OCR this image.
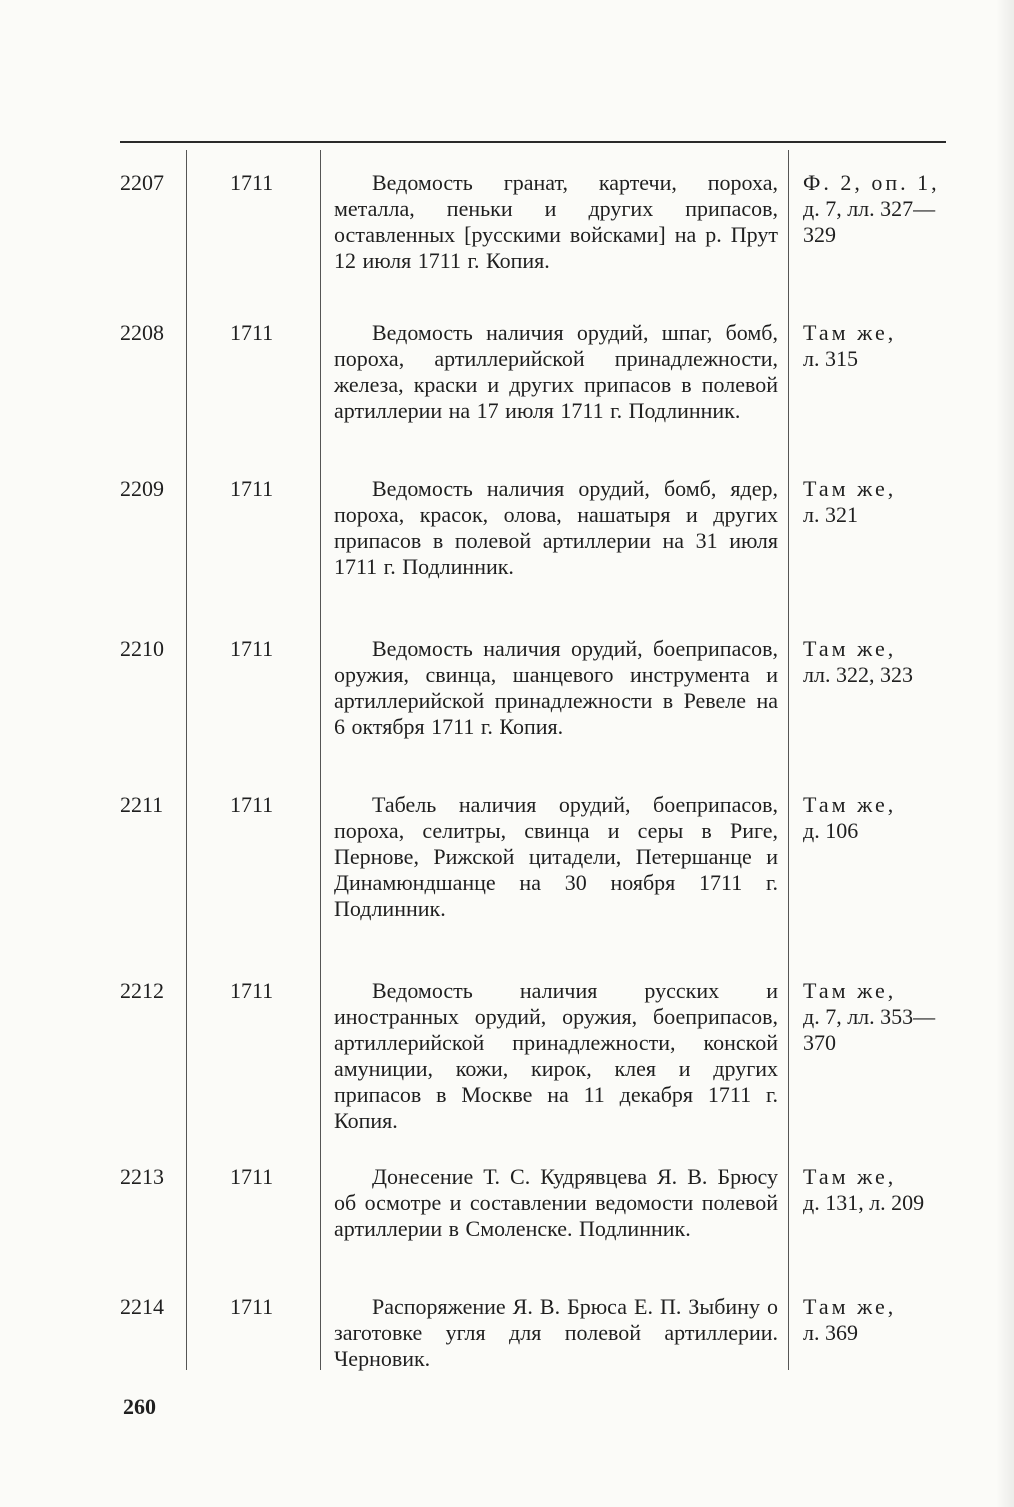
2207	1711	Ведомость гранат, картечи, пороха, металла, пеньки и других припасов, оставленных [русскими войсками] на р. Прут 12 июля 1711 г. Копия.
Ф. 2, оп. 1,
д. 7, лл. 327—329
2208	1711	Ведомость наличия орудий, шпаг, бомб, пороха, артиллерийской принадлежности, железа, краски и других припасов в полевой артиллерии на 17 июля 1711 г. Подлинник.
Там же,
л. 315
2209	1711	Ведомость наличия орудий, бомб, ядер, пороха, красок, олова, нашатыря и других припасов в полевой артиллерии на 31 июля 1711 г. Подлинник.
Там же,
л. 321
2210	1711	Ведомость наличия орудий, боеприпасов, оружия, свинца, шанцевого инструмента и артиллерийской принадлежности в Ревеле на 6 октября 1711 г. Копия.
Там же,
лл. 322, 323
2211	1711	Табель наличия орудий, боеприпасов, пороха, селитры, свинца и серы в Риге, Пернове, Рижской цитадели, Петершанце и Динамюндшанце на 30 ноября 1711 г. Подлинник.
Там же,
д. 106
2212	1711	Ведомость наличия русских и иностранных орудий, оружия, боеприпасов, артиллерийской принадлежности, конской амуниции, кожи, кирок, клея и других припасов в Москве на 11 декабря 1711 г. Копия.
Там же,
д. 7, лл. 353—370
2213	1711	Донесение Т. С. Кудрявцева Я. В. Брюсу об осмотре и составлении ведомости полевой артиллерии в Смоленске. Подлинник.
Там же,
д. 131, л. 209
2214	1711	Распоряжение Я. В. Брюса Е. П. Зыбину о заготовке угля для полевой артиллерии. Черновик.
Там же,
л. 369
260
